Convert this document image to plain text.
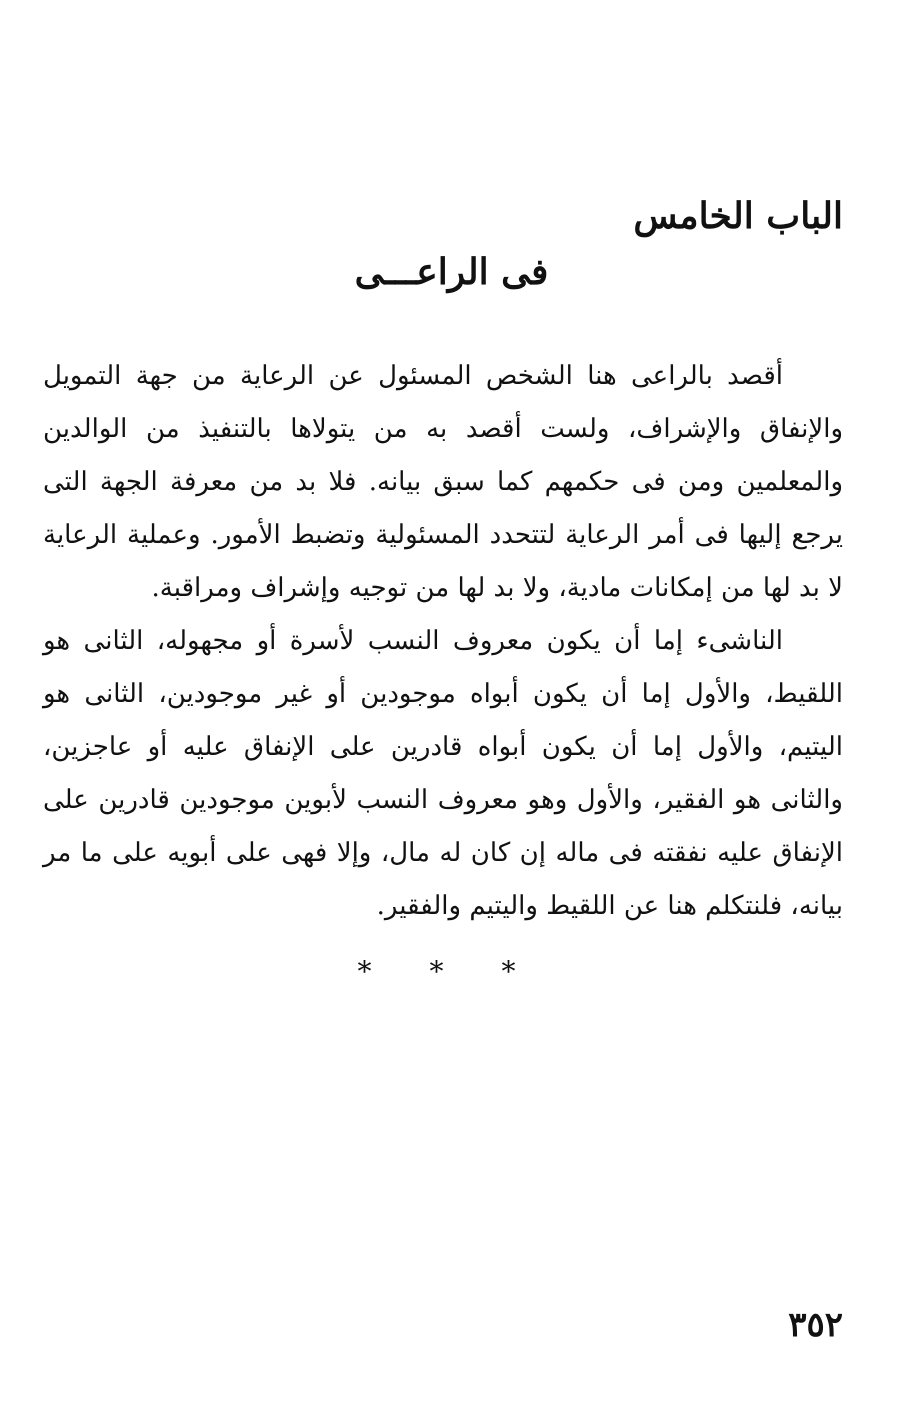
الباب الخامس
فى الراعـــى

أقصد بالراعى هنا الشخص المسئول عن الرعاية من جهة التمويل والإنفاق والإشراف، ولست أقصد به من يتولاها بالتنفيذ من الوالدين والمعلمين ومن فى حكمهم كما سبق بيانه. فلا بد من معرفة الجهة التى يرجع إليها فى أمر الرعاية لتتحدد المسئولية وتضبط الأمور. وعملية الرعاية لا بد لها من إمكانات مادية، ولا بد لها من توجيه وإشراف ومراقبة.

الناشىء إما أن يكون معروف النسب لأسرة أو مجهوله، الثانى هو اللقيط، والأول إما أن يكون أبواه موجودين أو غير موجودين، الثانى هو اليتيم، والأول إما أن يكون أبواه قادرين على الإنفاق عليه أو عاجزين، والثانى هو الفقير، والأول وهو معروف النسب لأبوين موجودين قادرين على الإنفاق عليه نفقته فى ماله إن كان له مال، وإلا فهى على أبويه على ما مر بيانه، فلنتكلم هنا عن اللقيط واليتيم والفقير.

* * *

٣٥٢
